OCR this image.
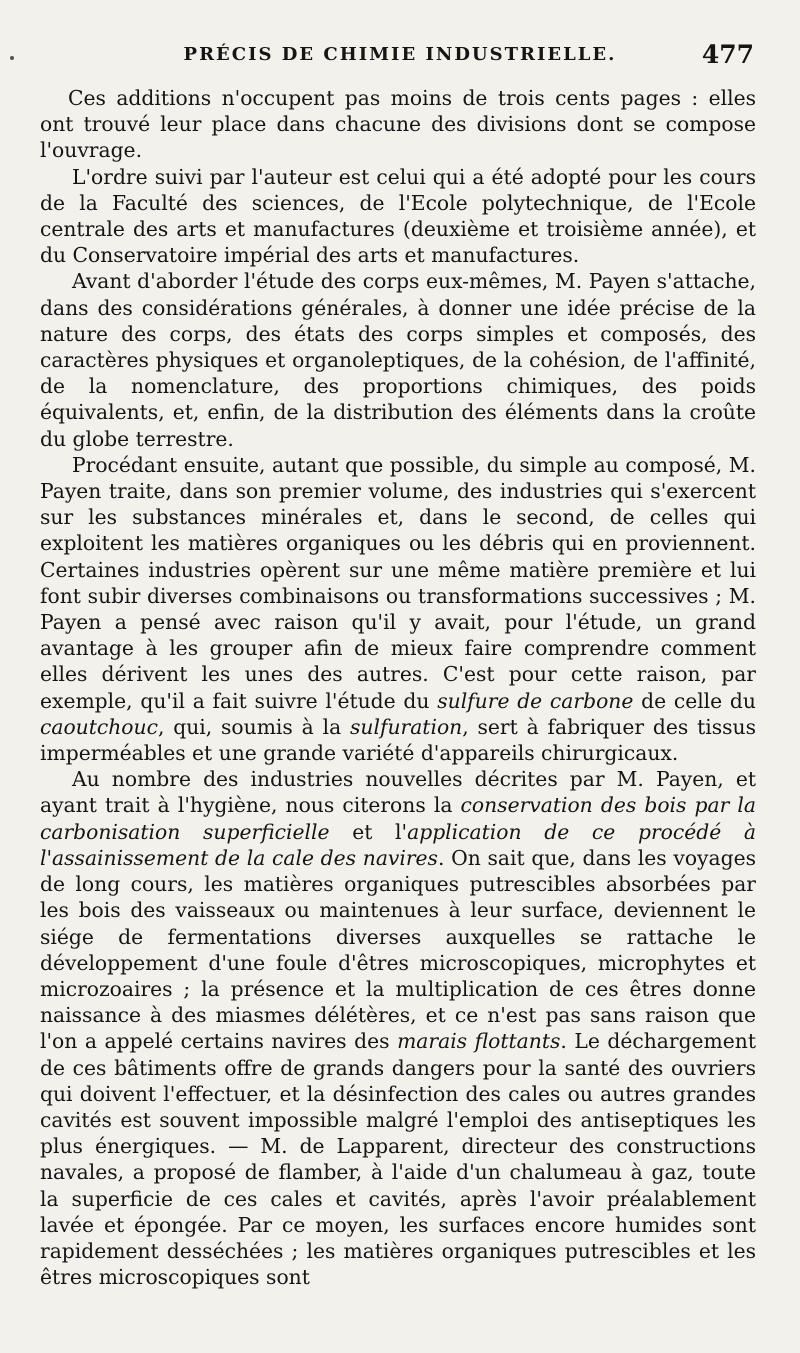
PRÉCIS DE CHIMIE INDUSTRIELLE.	477

Ces additions n'occupent pas moins de trois cents pages : elles ont trouvé leur place dans chacune des divisions dont se compose l'ouvrage.

L'ordre suivi par l'auteur est celui qui a été adopté pour les cours de la Faculté des sciences, de l'Ecole polytechnique, de l'Ecole centrale des arts et manufactures (deuxième et troisième année), et du Conservatoire impérial des arts et manufactures.

Avant d'aborder l'étude des corps eux-mêmes, M. Payen s'attache, dans des considérations générales, à donner une idée précise de la nature des corps, des états des corps simples et composés, des caractères physiques et organoleptiques, de la cohésion, de l'affinité, de la nomenclature, des proportions chimiques, des poids équivalents, et, enfin, de la distribution des éléments dans la croûte du globe terrestre.

Procédant ensuite, autant que possible, du simple au composé, M. Payen traite, dans son premier volume, des industries qui s'exercent sur les substances minérales et, dans le second, de celles qui exploitent les matières organiques ou les débris qui en proviennent. Certaines industries opèrent sur une même matière première et lui font subir diverses combinaisons ou transformations successives ; M. Payen a pensé avec raison qu'il y avait, pour l'étude, un grand avantage à les grouper afin de mieux faire comprendre comment elles dérivent les unes des autres. C'est pour cette raison, par exemple, qu'il a fait suivre l'étude du sulfure de carbone de celle du caoutchouc, qui, soumis à la sulfuration, sert à fabriquer des tissus imperméables et une grande variété d'appareils chirurgicaux.

Au nombre des industries nouvelles décrites par M. Payen, et ayant trait à l'hygiène, nous citerons la conservation des bois par la carbonisation superficielle et l'application de ce procédé à l'assainissement de la cale des navires. On sait que, dans les voyages de long cours, les matières organiques putrescibles absorbées par les bois des vaisseaux ou maintenues à leur surface, deviennent le siége de fermentations diverses auxquelles se rattache le développement d'une foule d'êtres microscopiques, microphytes et microzoaires ; la présence et la multiplication de ces êtres donne naissance à des miasmes délétères, et ce n'est pas sans raison que l'on a appelé certains navires des marais flottants. Le déchargement de ces bâtiments offre de grands dangers pour la santé des ouvriers qui doivent l'effectuer, et la désinfection des cales ou autres grandes cavités est souvent impossible malgré l'emploi des antiseptiques les plus énergiques. — M. de Lapparent, directeur des constructions navales, a proposé de flamber, à l'aide d'un chalumeau à gaz, toute la superficie de ces cales et cavités, après l'avoir préalablement lavée et épongée. Par ce moyen, les surfaces encore humides sont rapidement desséchées ; les matières organiques putrescibles et les êtres microscopiques sont
